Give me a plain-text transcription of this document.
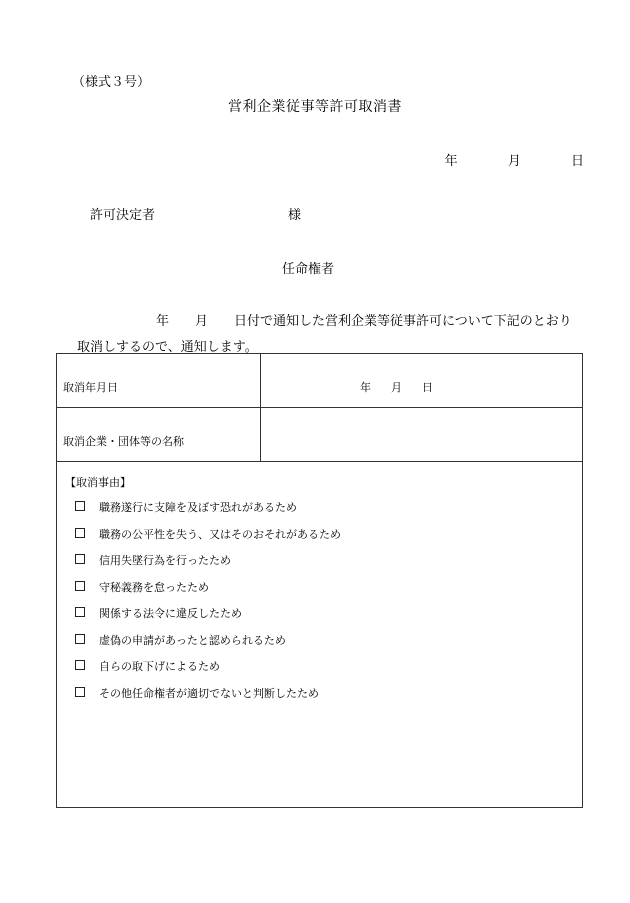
（様式３号）
営利企業従事等許可取消書
年	月	日
許可決定者	様
任命権者
年 月 日付で通知した営利企業等従事許可について下記のとおり
取消しするので、通知します。
取消年月日	年 月 日
取消企業・団体等の名称
【取消事由】
職務遂行に支障を及ぼす恐れがあるため
職務の公平性を失う、又はそのおそれがあるため
信用失墜行為を行ったため
守秘義務を怠ったため
関係する法令に違反したため
虚偽の申請があったと認められるため
自らの取下げによるため
その他任命権者が適切でないと判断したため
